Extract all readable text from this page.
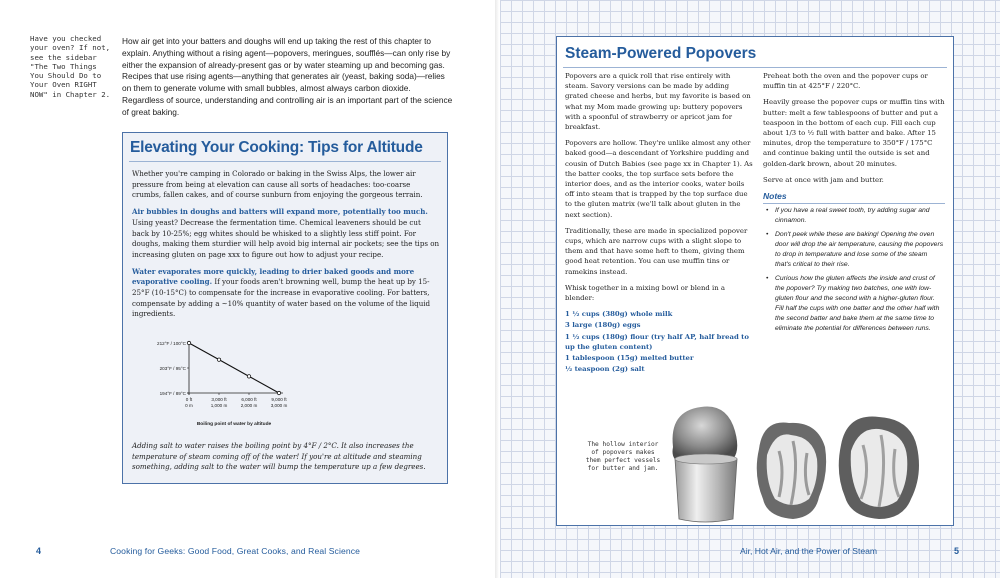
Have you checked your oven? If not, see the sidebar "The Two Things You Should Do to Your Oven RIGHT NOW" in Chapter 2.
How air get into your batters and doughs will end up taking the rest of this chapter to explain. Anything without a rising agent—popovers, meringues, soufflés—can only rise by either the expansion of already-present gas or by water steaming up and becoming gas. Recipes that use rising agents—anything that generates air (yeast, baking soda)—relies on them to generate volume with small bubbles, almost always carbon dioxide. Regardless of source, understanding and controlling air is an important part of the science of great baking.
Elevating Your Cooking: Tips for Altitude

Whether you're camping in Colorado or baking in the Swiss Alps, the lower air pressure from being at elevation can cause all sorts of headaches: too-coarse crumbs, fallen cakes, and of course sunburn from enjoying the gorgeous terrain.

Air bubbles in doughs and batters will expand more, potentially too much. Using yeast? Decrease the fermentation time. Chemical leaveners should be cut back by 10-25%; egg whites should be whisked to a slightly less stiff point. For doughs, making them sturdier will help avoid big internal air pockets; see the tips on increasing gluten on page xxx to figure out how to adjust your recipe.

Water evaporates more quickly, leading to drier baked goods and more evaporative cooling. If your foods aren't browning well, bump the heat up by 15-25°F (10-15°C) to compensate for the increase in evaporative cooling. For batters, compensate by adding a ~10% quantity of water based on the volume of the liquid ingredients.

212°F / 100°C
203°F / 95°C
194°F / 89°C
0 ft
0 m
3,000 ft
1,000 m
6,000 ft
2,000 m
9,000 ft
3,000 m
Boiling point of water by altitude
Adding salt to water raises the boiling point by 4°F / 2°C. It also increases the temperature of steam coming off of the water! If you're at altitude and steaming something, adding salt to the water will bump the temperature up a few degrees.
4	Cooking for Geeks: Good Food, Great Cooks, and Real Science	5
Air, Hot Air, and the Power of Steam
Steam-Powered Popovers

Popovers are a quick roll that rise entirely with steam. Savory versions can be made by adding grated cheese and herbs, but my favorite is based on what my Mom made growing up: buttery popovers with a spoonful of strawberry or apricot jam for breakfast.

Popovers are hollow. They're unlike almost any other baked good—a descendant of Yorkshire pudding and cousin of Dutch Babies (see page xx in Chapter 1). As the batter cooks, the top surface sets before the interior does, and as the interior cooks, water boils off into steam that is trapped by the top surface due to the gluten matrix (we'll talk about gluten in the next section).

Traditionally, these are made in specialized popover cups, which are narrow cups with a slight slope to them and that have some heft to them, giving them good heat retention. You can use muffin tins or ramekins instead.

Whisk together in a mixing bowl or blend in a blender:

1 ½ cups (380g) whole milk
3 large (180g) eggs
1 ½ cups (180g) flour (try half AP, half bread to up the gluten content)
1 tablespoon (15g) melted butter
½ teaspoon (2g) salt

Preheat both the oven and the popover cups or muffin tin at 425°F / 220°C.

Heavily grease the popover cups or muffin tins with butter: melt a few tablespoons of butter and put a teaspoon in the bottom of each cup. Fill each cup about 1/3 to ½ full with batter and bake. After 15 minutes, drop the temperature to 350°F / 175°C and continue baking until the outside is set and golden-dark brown, about 20 minutes.

Serve at once with jam and butter.

Notes
• If you have a real sweet tooth, try adding sugar and cinnamon.
• Don't peek while these are baking! Opening the oven door will drop the air temperature, causing the popovers to drop in temperature and lose some of the steam that's critical to their rise.
• Curious how the gluten affects the inside and crust of the popover? Try making two batches, one with low-gluten flour and the second with a higher-gluten flour. Fill half the cups with one batter and the other half with the second batter and bake them at the same time to eliminate the potential for differences between runs.
The hollow interior of popovers makes them perfect vessels for butter and jam.
